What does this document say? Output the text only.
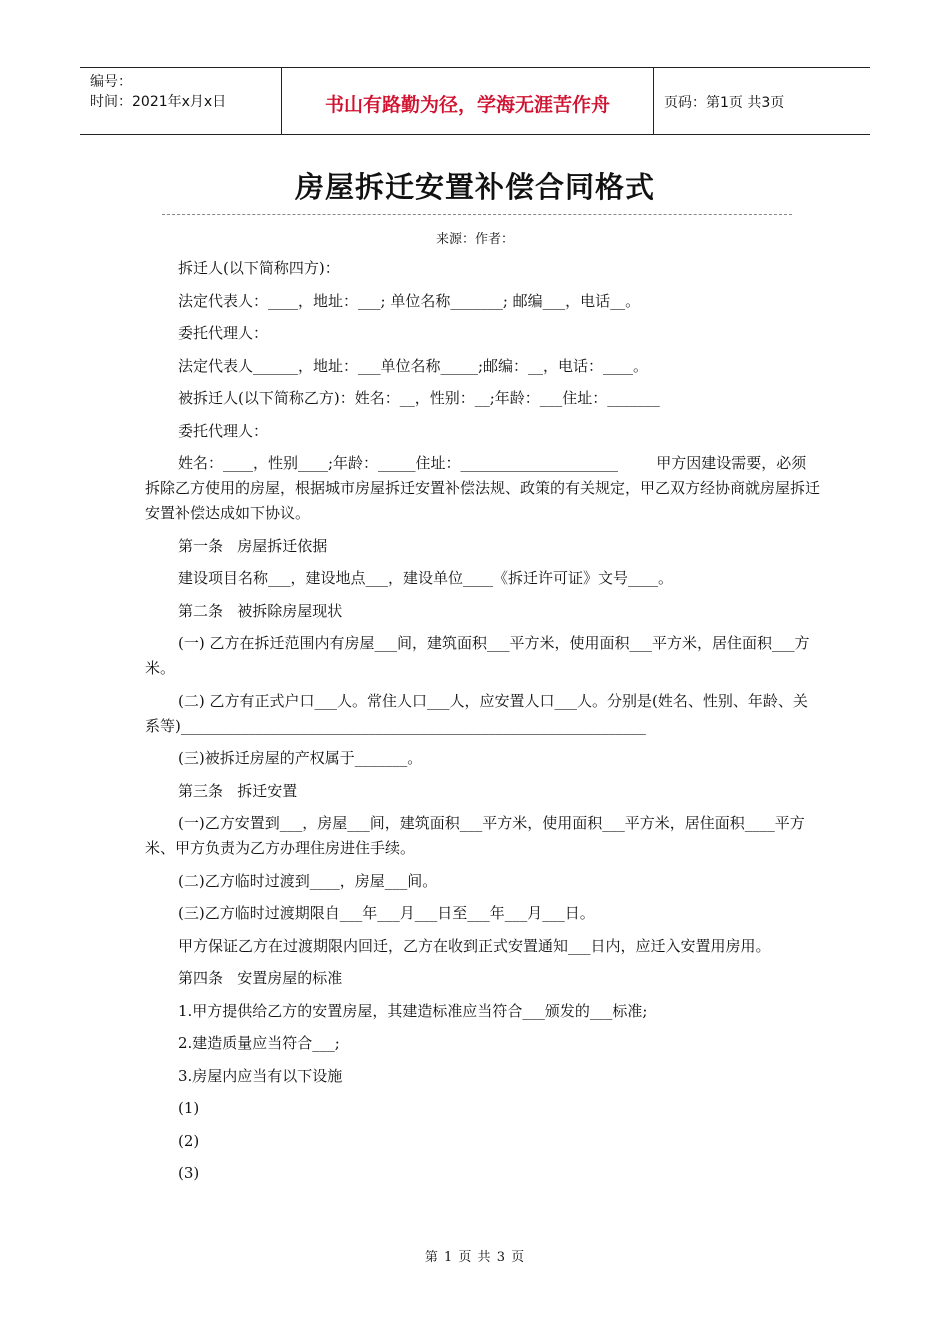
编号：
时间：2021年x月x日	书山有路勤为径，学海无涯苦作舟	页码：第1页 共3页
房屋拆迁安置补偿合同格式
来源：作者：

拆迁人(以下简称四方)：

法定代表人：____，地址：___; 单位名称_______; 邮编___，电话__。

委托代理人：

法定代表人______，地址：___单位名称_____;邮编：__，电话：____。

被拆迁人(以下简称乙方)：姓名：__，性别：__;年龄：___住址：_______

委托代理人：

姓名：____，性别____;年龄：_____住址：_____________________        甲方因建设需要，必须拆除乙方使用的房屋，根据城市房屋拆迁安置补偿法规、政策的有关规定，甲乙双方经协商就房屋拆迁安置补偿达成如下协议。

第一条   房屋拆迁依据

建设项目名称___，建设地点___，建设单位____《拆迁许可证》文号____。

第二条   被拆除房屋现状

(一) 乙方在拆迁范围内有房屋___间，建筑面积___平方米，使用面积___平方米，居住面积___方米。

(二) 乙方有正式户口___人。常住人口___人，应安置人口___人。分别是(姓名、性别、年龄、关系等)______________________________________________________________

(三)被拆迁房屋的产权属于_______。

第三条   拆迁安置

(一)乙方安置到___，房屋___间，建筑面积___平方米，使用面积___平方米，居住面积____平方米、甲方负责为乙方办理住房进住手续。

(二)乙方临时过渡到____，房屋___间。

(三)乙方临时过渡期限自___年___月___日至___年___月___日。

甲方保证乙方在过渡期限内回迁，乙方在收到正式安置通知___日内，应迁入安置用房用。

第四条   安置房屋的标准

1.甲方提供给乙方的安置房屋，其建造标准应当符合___颁发的___标准;

2.建造质量应当符合___;

3.房屋内应当有以下设施

(1)

(2)

(3)

第 1 页 共 3 页
